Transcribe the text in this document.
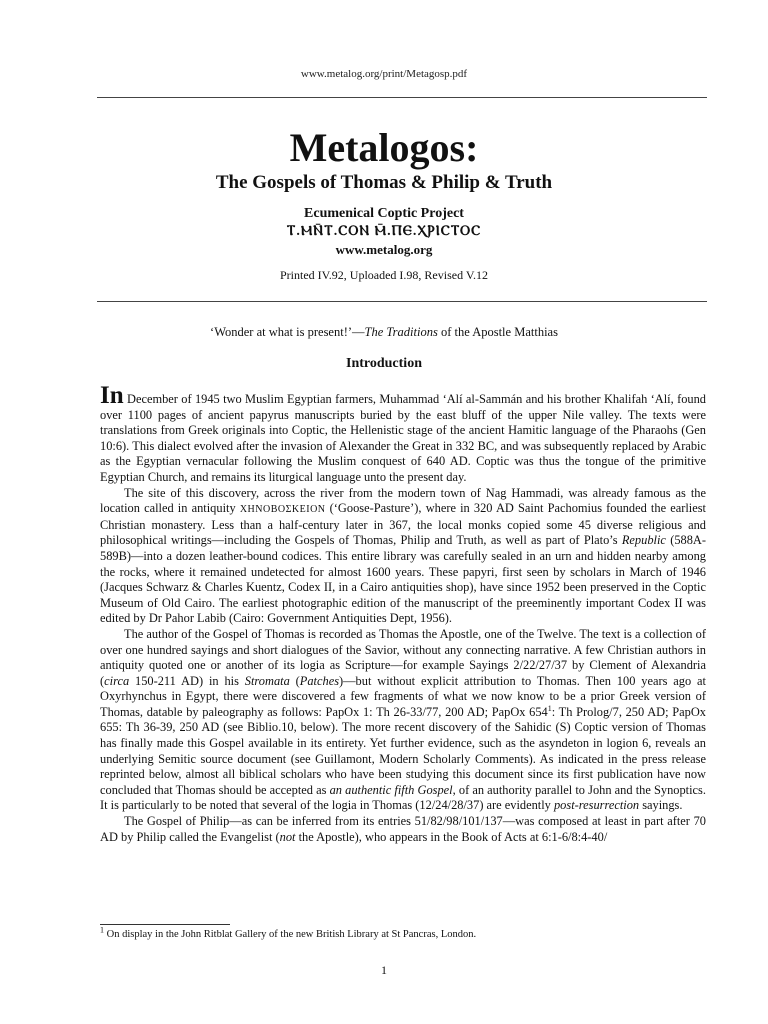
www.metalog.org/print/Metagosp.pdf
Metalogos:
The Gospels of Thomas & Philip & Truth
Ecumenical Coptic Project
Ⲧ.ⲘⲚ̄Ⲧ.ⲤⲞⲚ Ⲙ̄.ⲠⲈ.ⲬⲢⲒⲤⲦⲞⲤ
www.metalog.org
Printed IV.92, Uploaded I.98, Revised V.12
‘Wonder at what is present!’—The Traditions of the Apostle Matthias
Introduction

In December of 1945 two Muslim Egyptian farmers, Muhammad ‘Alí al-Sammán and his brother Khalifah ‘Alí, found over 1100 pages of ancient papyrus manuscripts buried by the east bluff of the upper Nile valley. The texts were translations from Greek originals into Coptic, the Hellenistic stage of the ancient Hamitic language of the Pharaohs (Gen 10:6). This dialect evolved after the invasion of Alexander the Great in 332 BC, and was subsequently replaced by Arabic as the Egyptian vernacular following the Muslim conquest of 640 AD. Coptic was thus the tongue of the primitive Egyptian Church, and remains its liturgical language unto the present day.

The site of this discovery, across the river from the modern town of Nag Hammadi, was already famous as the location called in antiquity ΧΗΝΟΒΟΣΚΕΙΟΝ (‘Goose-Pasture’), where in 320 AD Saint Pachomius founded the earliest Christian monastery. Less than a half-century later in 367, the local monks copied some 45 diverse religious and philosophical writings—including the Gospels of Thomas, Philip and Truth, as well as part of Plato’s Republic (588A-589B)—into a dozen leather-bound codices. This entire library was carefully sealed in an urn and hidden nearby among the rocks, where it remained undetected for almost 1600 years. These papyri, first seen by scholars in March of 1946 (Jacques Schwarz & Charles Kuentz, Codex II, in a Cairo antiquities shop), have since 1952 been preserved in the Coptic Museum of Old Cairo. The earliest photographic edition of the manuscript of the preeminently important Codex II was edited by Dr Pahor Labib (Cairo: Government Antiquities Dept, 1956).

The author of the Gospel of Thomas is recorded as Thomas the Apostle, one of the Twelve. The text is a collection of over one hundred sayings and short dialogues of the Savior, without any connecting narrative. A few Christian authors in antiquity quoted one or another of its logia as Scripture—for example Sayings 2/22/27/37 by Clement of Alexandria (circa 150-211 AD) in his Stromata (Patches)—but without explicit attribution to Thomas. Then 100 years ago at Oxyrhynchus in Egypt, there were discovered a few fragments of what we now know to be a prior Greek version of Thomas, datable by paleography as follows: PapOx 1: Th 26-33/77, 200 AD; PapOx $654^1$: Th Prolog/7, 250 AD; PapOx 655: Th 36-39, 250 AD (see Biblio.10, below). The more recent discovery of the Sahidic (S) Coptic version of Thomas has finally made this Gospel available in its entirety. Yet further evidence, such as the asyndeton in logion 6, reveals an underlying Semitic source document (see Guillamont, Modern Scholarly Comments). As indicated in the press release reprinted below, almost all biblical scholars who have been studying this document since its first publication have now concluded that Thomas should be accepted as an authentic fifth Gospel, of an authority parallel to John and the Synoptics. It is particularly to be noted that several of the logia in Thomas (12/24/28/37) are evidently post-resurrection sayings.

The Gospel of Philip—as can be inferred from its entries 51/82/98/101/137—was composed at least in part after 70 AD by Philip called the Evangelist (not the Apostle), who appears in the Book of Acts at 6:1-6/8:4-40/

$^1$ On display in the John Ritblat Gallery of the new British Library at St Pancras, London.
1
